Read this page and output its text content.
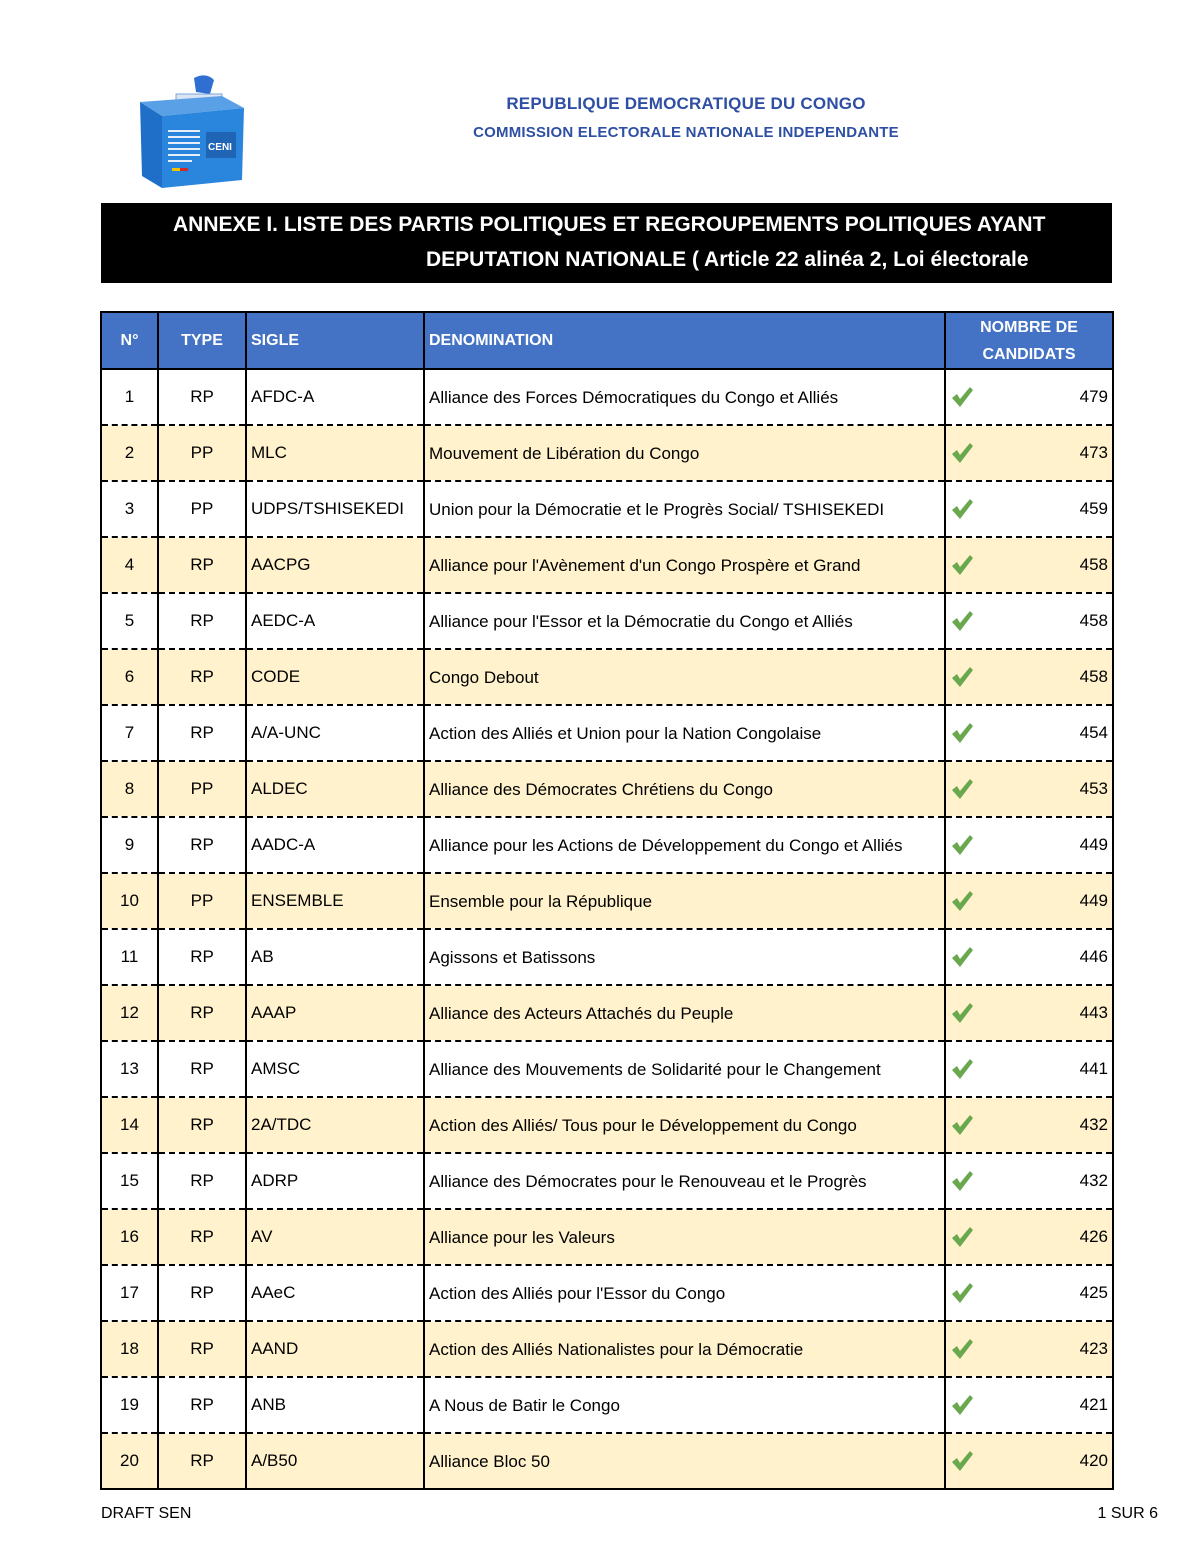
CENI
REPUBLIQUE DEMOCRATIQUE DU CONGO
COMMISSION ELECTORALE NATIONALE INDEPENDANTE
ANNEXE I. LISTE DES PARTIS POLITIQUES ET REGROUPEMENTS POLITIQUES AYANT
DEPUTATION NATIONALE ( Article 22 alinéa 2, Loi électorale
N°	TYPE	SIGLE	DENOMINATION	NOMBRE DE CANDIDATS
1	RP	AFDC-A	Alliance des Forces Démocratiques du Congo et Alliés	479
2	PP	MLC	Mouvement de Libération du Congo	473
3	PP	UDPS/TSHISEKEDI	Union pour la Démocratie et le Progrès Social/ TSHISEKEDI	459
4	RP	AACPG	Alliance pour l'Avènement d'un Congo Prospère et Grand	458
5	RP	AEDC-A	Alliance pour l'Essor et la Démocratie du Congo et Alliés	458
6	RP	CODE	Congo Debout	458
7	RP	A/A-UNC	Action des Alliés et Union pour la Nation Congolaise	454
8	PP	ALDEC	Alliance des Démocrates Chrétiens du Congo	453
9	RP	AADC-A	Alliance pour les Actions de Développement du Congo et Alliés	449
10	PP	ENSEMBLE	Ensemble pour la République	449
11	RP	AB	Agissons et Batissons	446
12	RP	AAAP	Alliance des Acteurs Attachés du Peuple	443
13	RP	AMSC	Alliance des Mouvements de Solidarité pour le Changement	441
14	RP	2A/TDC	Action des Alliés/ Tous pour le Développement du Congo	432
15	RP	ADRP	Alliance des Démocrates pour le Renouveau et le Progrès	432
16	RP	AV	Alliance pour les Valeurs	426
17	RP	AAeC	Action des Alliés pour l'Essor du Congo	425
18	RP	AAND	Action des Alliés Nationalistes pour la Démocratie	423
19	RP	ANB	A Nous de Batir le Congo	421
20	RP	A/B50	Alliance Bloc 50	420
DRAFT SEN	1 SUR 6
